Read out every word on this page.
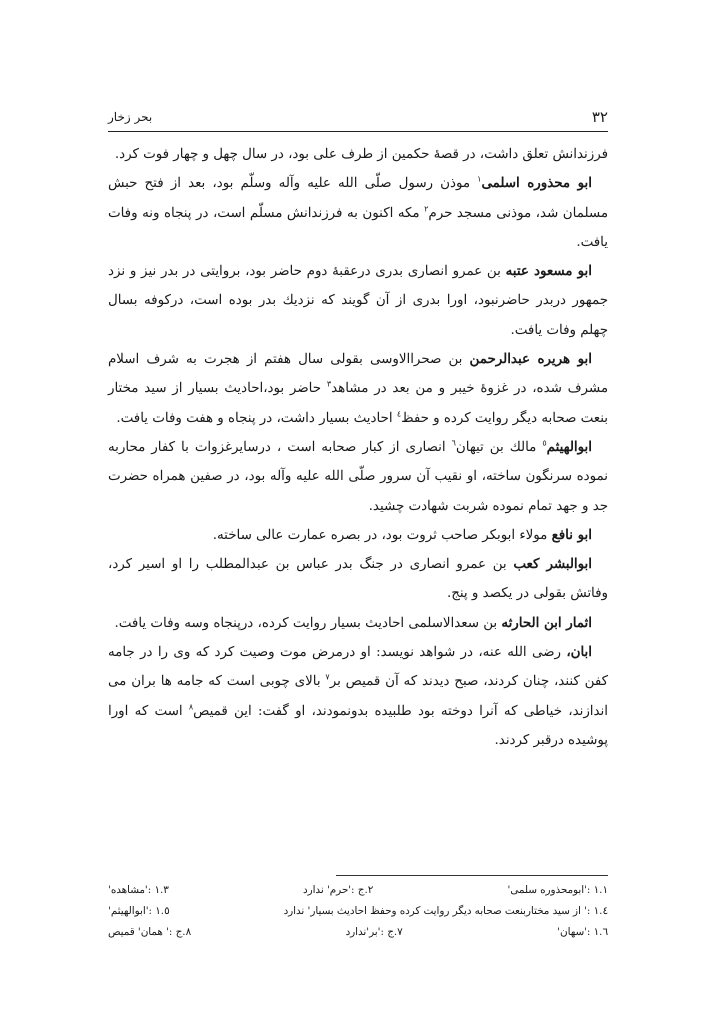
٣٢
بحر زخار

فرزندانش تعلق داشت، در قصهٔ حکمین از طرف علی بود، در سال چهل و چهار فوت کرد.

ابو محذوره اسلمی$^١$ موذن رسول صلّی الله علیه وآله وسلّم بود، بعد از فتح حبش مسلمان شد، موذنی مسجد حرم$^٢$ مکه اکنون به فرزندانش مسلّم است، در پنجاه ونه وفات یافت.

ابو مسعود عتبه بن عمرو انصاری بدری درعقبهٔ دوم حاضر بود، بروایتی در بدر نیز و نزد جمهور دربدر حاضرنبود، اورا بدری از آن گویند که نزدیك بدر بوده است، درکوفه بسال چهلم وفات یافت.

ابو هریره عبدالرحمن بن صحراالاوسی بقولی سال هفتم از هجرت به شرف اسلام مشرف شده، در غزوهٔ خیبر و من بعد در مشاهد$^٣$ حاضر بود،احادیث بسیار از سید مختار بنعت صحابه دیگر روایت کرده و حفظ$^٤$ احادیث بسیار داشت، در پنجاه و هفت وفات یافت.

ابوالهیثم$^٥$ مالك بن تیهان$^٦$ انصاری از کبار صحابه است ، درسایرغزوات با کفار محاربه نموده سرنگون ساخته، او نقیب آن سرور صلّی الله علیه وآله بود، در صفین همراه حضرت جد و جهد تمام نموده شربت شهادت چشید.

ابو نافع مولاء ابوبکر صاحب ثروت بود، در بصره عمارت عالی ساخته.

ابوالبشر کعب بن عمرو انصاری در جنگ بدر عباس بن عبدالمطلب را او اسیر کرد، وفاتش بقولی در یکصد و پنج.

اثمار ابن الحارثه بن سعدالاسلمی احادیث بسیار روایت کرده، درپنجاه وسه وفات یافت.

ابان، رضی الله عنه، در شواهد نویسد: او درمرض موت وصیت کرد که وی را در جامه کفن کنند، چنان کردند، صبح دیدند که آن قمیص بر$^٧$ بالای چوبی است که جامه ها بران می اندازند، خیاطی که آنرا دوخته بود طلبیده بدونمودند، او گفت: این قمیص$^٨$ است که اورا پوشیده درقبر کردند.

١.١ :'ابومحذوره سلمی'
٢.ج :'حرم' ندارد
١.٣ :'مشاهده'
١.٤ :' از سید مختاربنعت صحابه دیگر روایت کرده وحفظ احادیث بسیار' ندارد
١.٥ :'ابوالهیثم'
١.٦ :'سهان'
٧.ج :'بر'ندارد
٨.ج :' همان' قمیص
